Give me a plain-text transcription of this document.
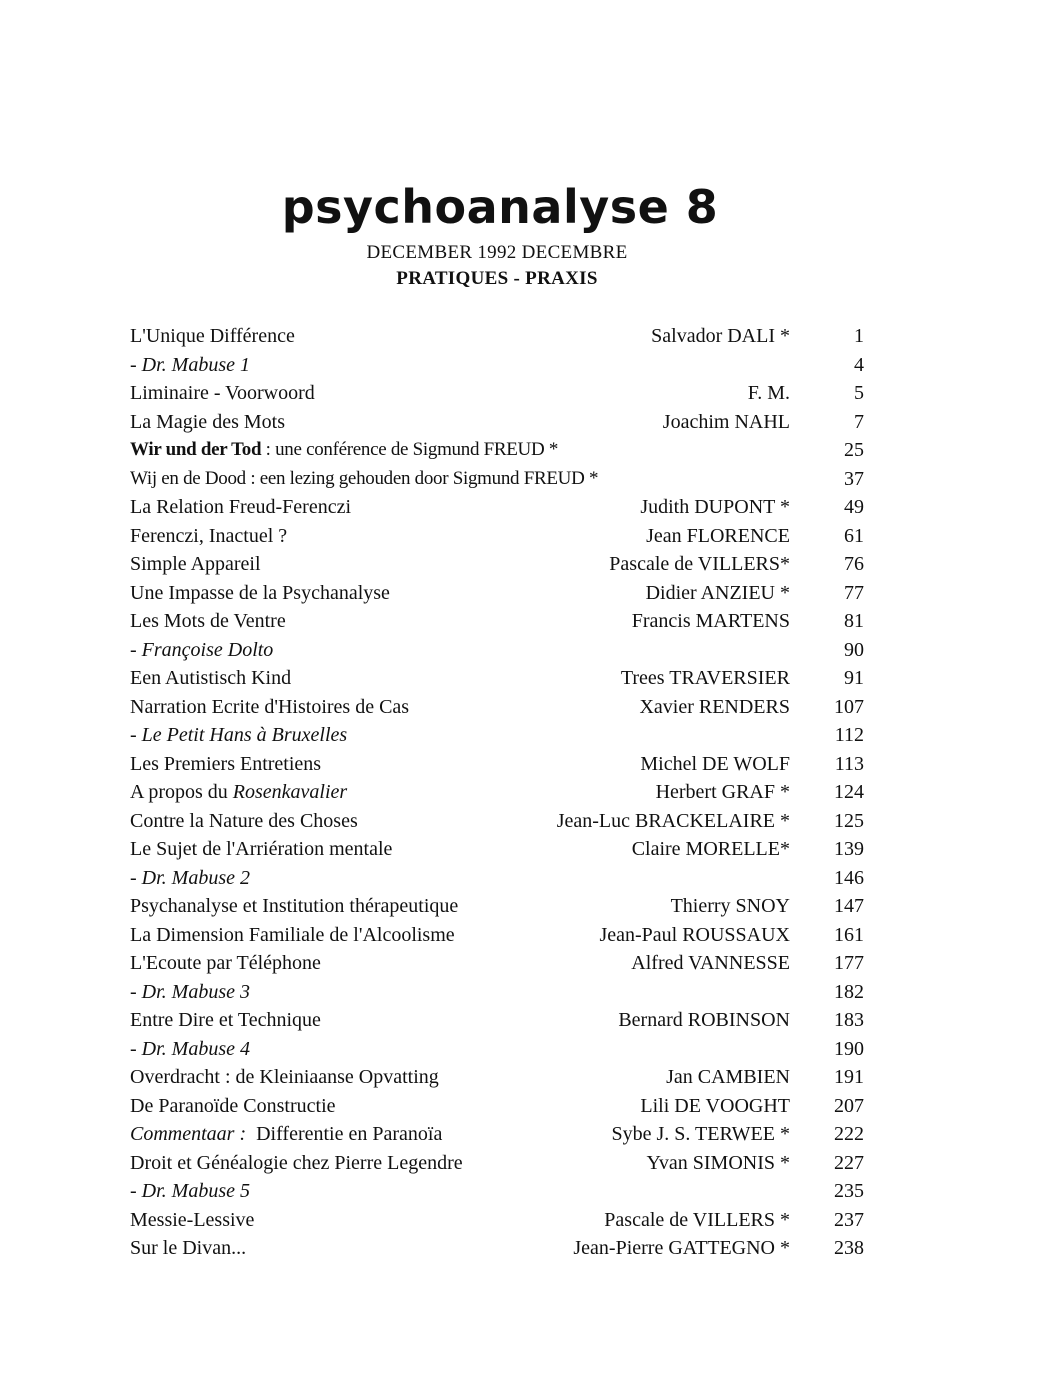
psychoanalyse 8
DECEMBER 1992 DECEMBRE
PRATIQUES - PRAXIS
L'Unique Différence	Salvador DALI *	1
- Dr. Mabuse 1	4
Liminaire - Voorwoord	F. M.	5
La Magie des Mots	Joachim NAHL	7
Wir und der Tod : une conférence de Sigmund FREUD *	25
Wij en de Dood : een lezing gehouden door Sigmund FREUD *	37
La Relation Freud-Ferenczi	Judith DUPONT *	49
Ferenczi, Inactuel ?	Jean FLORENCE	61
Simple Appareil	Pascale de VILLERS*	76
Une Impasse de la Psychanalyse	Didier ANZIEU *	77
Les Mots de Ventre	Francis MARTENS	81
- Françoise Dolto	90
Een Autistisch Kind	Trees TRAVERSIER	91
Narration Ecrite d'Histoires de Cas	Xavier RENDERS	107
- Le Petit Hans à Bruxelles	112
Les Premiers Entretiens	Michel DE WOLF	113
A propos du Rosenkavalier	Herbert GRAF *	124
Contre la Nature des Choses	Jean-Luc BRACKELAIRE *	125
Le Sujet de l'Arriération mentale	Claire MORELLE*	139
- Dr. Mabuse 2	146
Psychanalyse et Institution thérapeutique	Thierry SNOY	147
La Dimension Familiale de l'Alcoolisme	Jean-Paul ROUSSAUX	161
L'Ecoute par Téléphone	Alfred VANNESSE	177
- Dr. Mabuse 3	182
Entre Dire et Technique	Bernard ROBINSON	183
- Dr. Mabuse 4	190
Overdracht : de Kleiniaanse Opvatting	Jan CAMBIEN	191
De Paranoïde Constructie	Lili DE VOOGHT	207
Commentaar :  Differentie en Paranoïa	Sybe J. S. TERWEE *	222
Droit et Généalogie chez Pierre Legendre	Yvan SIMONIS *	227
- Dr. Mabuse 5	235
Messie-Lessive	Pascale de VILLERS *	237
Sur le Divan...	Jean-Pierre GATTEGNO *	238
